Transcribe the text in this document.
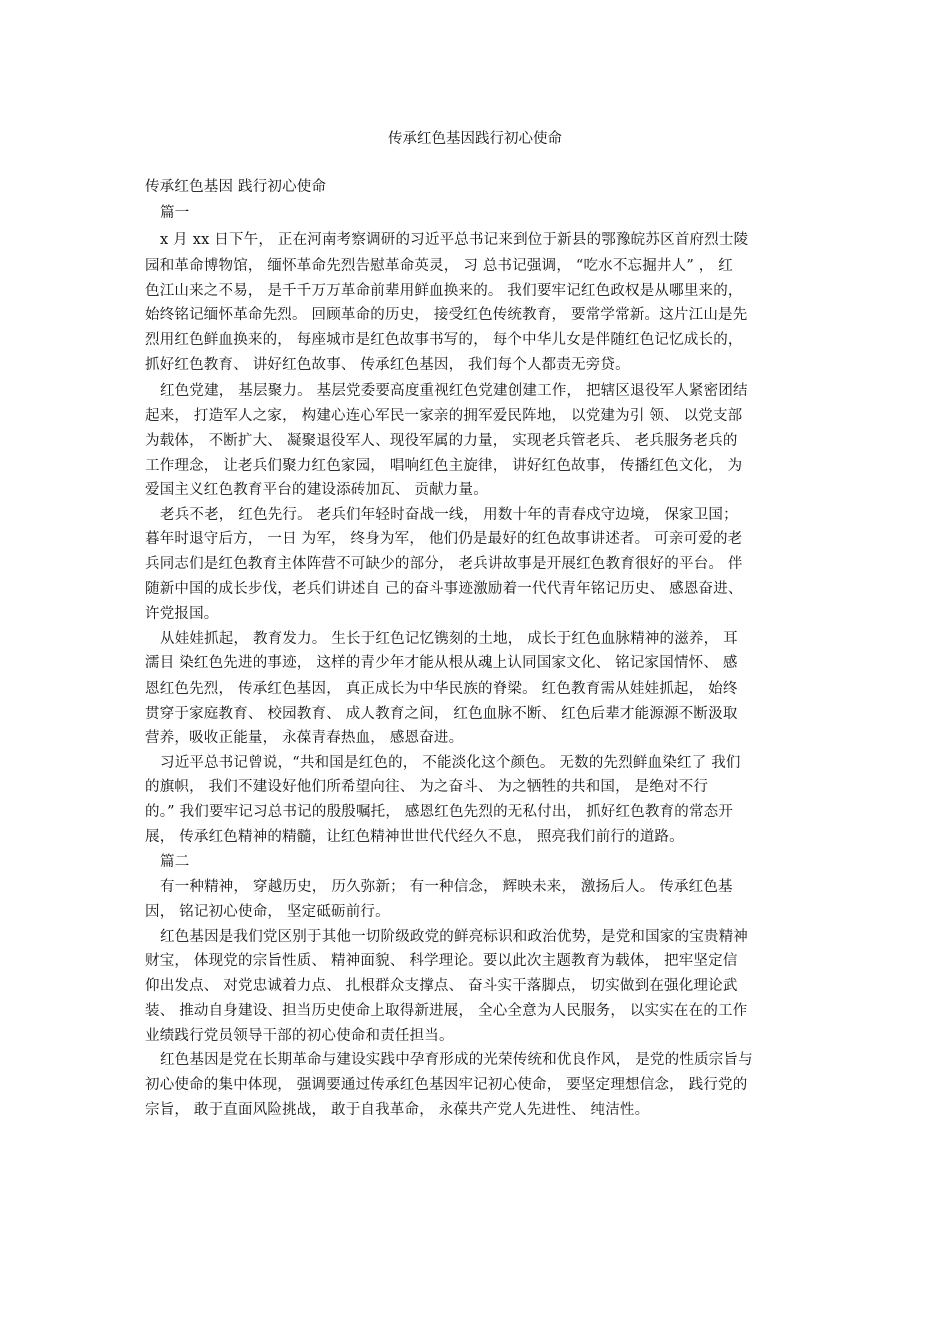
传承红色基因践行初心使命
传承红色基因 践行初心使命
篇一
x 月 xx 日下午， 正在河南考察调研的习近平总书记来到位于新县的鄂豫皖苏区首府烈士陵
园和革命博物馆， 缅怀革命先烈告慰革命英灵， 习 总书记强调， “吃水不忘掘井人” ， 红
色江山来之不易， 是千千万万革命前辈用鲜血换来的。 我们要牢记红色政权是从哪里来的，
始终铭记缅怀革命先烈。 回顾革命的历史， 接受红色传统教育， 要常学常新。这片江山是先
烈用红色鲜血换来的， 每座城市是红色故事书写的， 每个中华儿女是伴随红色记忆成长的，
抓好红色教育、 讲好红色故事、 传承红色基因， 我们每个人都责无旁贷。
红色党建， 基层聚力。 基层党委要高度重视红色党建创建工作， 把辖区退役军人紧密团结
起来， 打造军人之家， 构建心连心军民一家亲的拥军爱民阵地， 以党建为引 领、 以党支部
为载体， 不断扩大、 凝聚退役军人、现役军属的力量， 实现老兵管老兵、 老兵服务老兵的
工作理念， 让老兵们聚力红色家园， 唱响红色主旋律， 讲好红色故事， 传播红色文化， 为
爱国主义红色教育平台的建设添砖加瓦、 贡献力量。
老兵不老， 红色先行。 老兵们年轻时奋战一线， 用数十年的青春戍守边境， 保家卫国；
暮年时退守后方， 一日 为军， 终身为军， 他们仍是最好的红色故事讲述者。 可亲可爱的老
兵同志们是红色教育主体阵营不可缺少的部分， 老兵讲故事是开展红色教育很好的平台。 伴
随新中国的成长步伐，老兵们讲述自 己的奋斗事迹激励着一代代青年铭记历史、 感恩奋进、
许党报国。
从娃娃抓起， 教育发力。 生长于红色记忆镌刻的土地， 成长于红色血脉精神的滋养， 耳
濡目 染红色先进的事迹， 这样的青少年才能从根从魂上认同国家文化、 铭记家国情怀、 感
恩红色先烈， 传承红色基因， 真正成长为中华民族的脊梁。 红色教育需从娃娃抓起， 始终
贯穿于家庭教育、 校园教育、 成人教育之间， 红色血脉不断、 红色后辈才能源源不断汲取
营养，吸收正能量， 永葆青春热血， 感恩奋进。
习近平总书记曾说，“共和国是红色的， 不能淡化这个颜色。 无数的先烈鲜血染红了 我们
的旗帜， 我们不建设好他们所希望向往、 为之奋斗、 为之牺牲的共和国， 是绝对不行
的。” 我们要牢记习总书记的殷殷嘱托， 感恩红色先烈的无私付出， 抓好红色教育的常态开
展， 传承红色精神的精髓，让红色精神世世代代经久不息， 照亮我们前行的道路。
篇二
有一种精神， 穿越历史， 历久弥新； 有一种信念， 辉映未来， 激扬后人。 传承红色基
因， 铭记初心使命， 坚定砥砺前行。
红色基因是我们党区别于其他一切阶级政党的鲜亮标识和政治优势，是党和国家的宝贵精神
财宝， 体现党的宗旨性质、 精神面貌、 科学理论。要以此次主题教育为载体， 把牢坚定信
仰出发点、 对党忠诚着力点、 扎根群众支撑点、 奋斗实干落脚点， 切实做到在强化理论武
装、 推动自身建设、担当历史使命上取得新进展， 全心全意为人民服务， 以实实在在的工作
业绩践行党员领导干部的初心使命和责任担当。
红色基因是党在长期革命与建设实践中孕育形成的光荣传统和优良作风， 是党的性质宗旨与
初心使命的集中体现， 强调要通过传承红色基因牢记初心使命， 要坚定理想信念， 践行党的
宗旨， 敢于直面风险挑战， 敢于自我革命， 永葆共产党人先进性、 纯洁性。
